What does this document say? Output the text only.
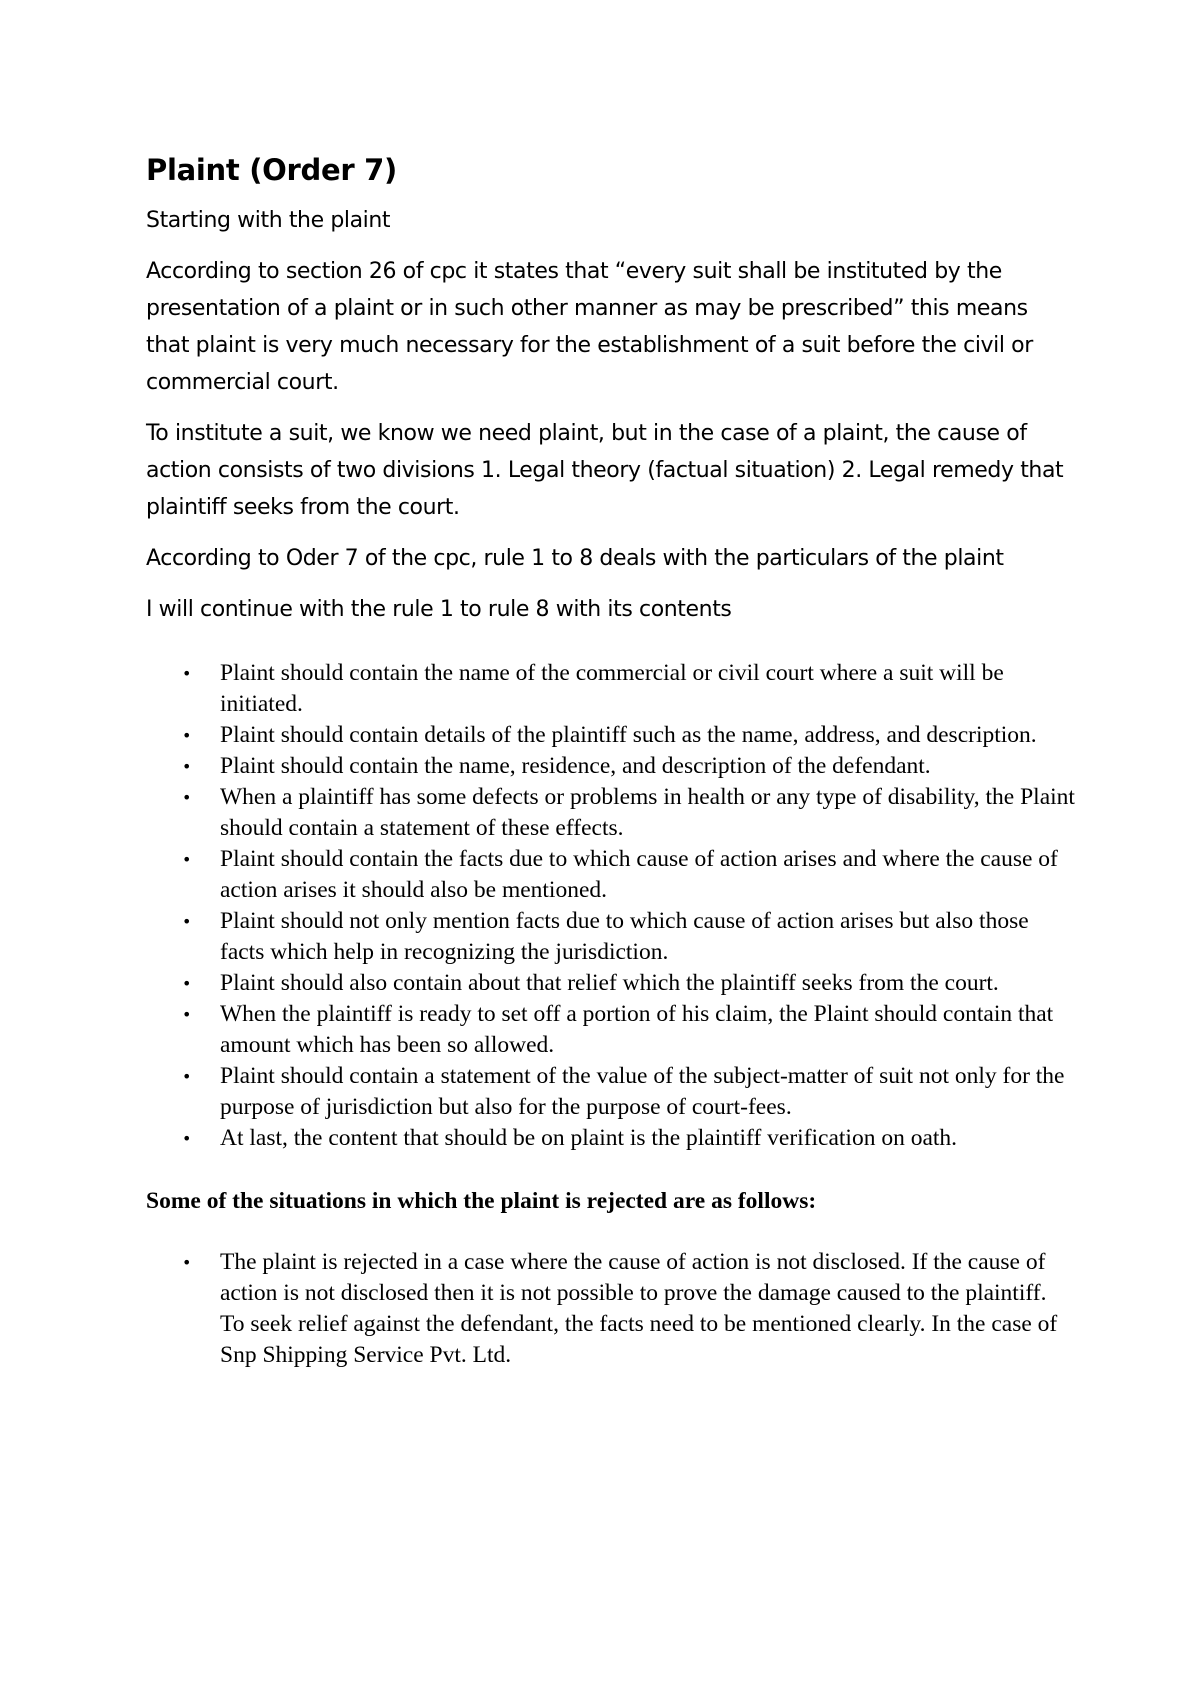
Plaint (Order 7)

Starting with the plaint

According to section 26 of cpc it states that “every suit shall be instituted by the presentation of a plaint or in such other manner as may be prescribed” this means that plaint is very much necessary for the establishment of a suit before the civil or commercial court.

To institute a suit, we know we need plaint, but in the case of a plaint, the cause of action consists of two divisions 1. Legal theory (factual situation) 2. Legal remedy that plaintiff seeks from the court.

According to Oder 7 of the cpc, rule 1 to 8 deals with the particulars of the plaint

I will continue with the rule 1 to rule 8 with its contents

• Plaint should contain the name of the commercial or civil court where a suit will be initiated.
• Plaint should contain details of the plaintiff such as the name, address, and description.
• Plaint should contain the name, residence, and description of the defendant.
• When a plaintiff has some defects or problems in health or any type of disability, the Plaint should contain a statement of these effects.
• Plaint should contain the facts due to which cause of action arises and where the cause of action arises it should also be mentioned.
• Plaint should not only mention facts due to which cause of action arises but also those facts which help in recognizing the jurisdiction.
• Plaint should also contain about that relief which the plaintiff seeks from the court.
• When the plaintiff is ready to set off a portion of his claim, the Plaint should contain that amount which has been so allowed.
• Plaint should contain a statement of the value of the subject-matter of suit not only for the purpose of jurisdiction but also for the purpose of court-fees.
• At last, the content that should be on plaint is the plaintiff verification on oath.
Some of the situations in which the plaint is rejected are as follows:
• The plaint is rejected in a case where the cause of action is not disclosed. If the cause of action is not disclosed then it is not possible to prove the damage caused to the plaintiff. To seek relief against the defendant, the facts need to be mentioned clearly. In the case of Snp Shipping Service Pvt. Ltd.
